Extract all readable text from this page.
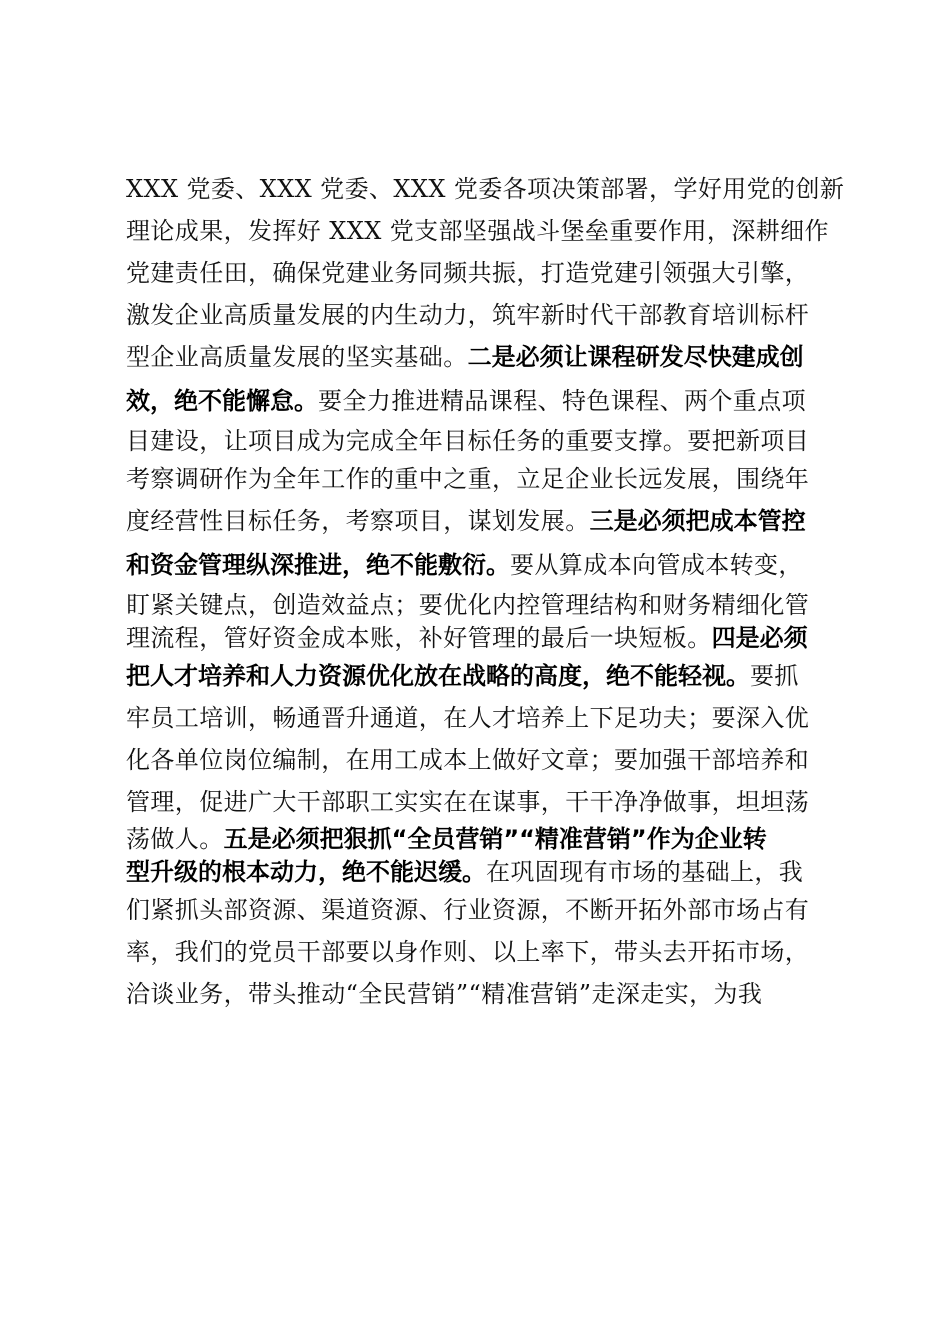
XXX 党委、XXX 党委、XXX 党委各项决策部署，学好用党的创新
理论成果，发挥好 XXX 党支部坚强战斗堡垒重要作用，深耕细作
党建责任田，确保党建业务同频共振，打造党建引领强大引擎，
激发企业高质量发展的内生动力，筑牢新时代干部教育培训标杆
型企业高质量发展的坚实基础。二是必须让课程研发尽快建成创
效，绝不能懈怠。要全力推进精品课程、特色课程、两个重点项
目建设，让项目成为完成全年目标任务的重要支撑。要把新项目
考察调研作为全年工作的重中之重，立足企业长远发展，围绕年
度经营性目标任务，考察项目，谋划发展。三是必须把成本管控
和资金管理纵深推进，绝不能敷衍。要从算成本向管成本转变，
盯紧关键点，创造效益点；要优化内控管理结构和财务精细化管
理流程，管好资金成本账，补好管理的最后一块短板。四是必须
把人才培养和人力资源优化放在战略的高度，绝不能轻视。要抓
牢员工培训，畅通晋升通道，在人才培养上下足功夫；要深入优
化各单位岗位编制，在用工成本上做好文章；要加强干部培养和
管理，促进广大干部职工实实在在谋事，干干净净做事，坦坦荡
荡做人。五是必须把狠抓“全员营销”“精准营销”作为企业转
型升级的根本动力，绝不能迟缓。在巩固现有市场的基础上，我
们紧抓头部资源、渠道资源、行业资源，不断开拓外部市场占有
率，我们的党员干部要以身作则、以上率下，带头去开拓市场，
洽谈业务，带头推动“全民营销”“精准营销”走深走实，为我
